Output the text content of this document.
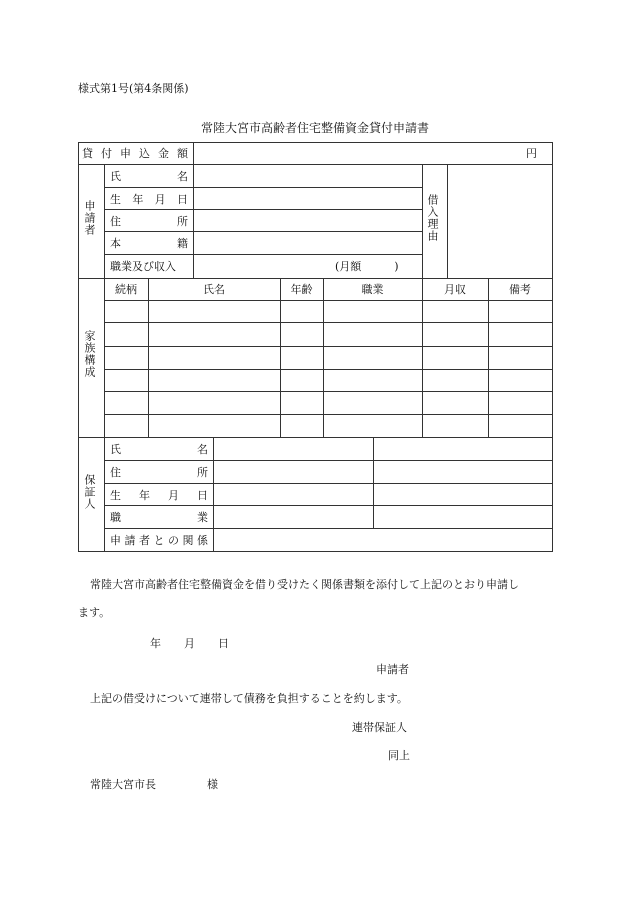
様式第1号(第4条関係)
常陸大宮市高齢者住宅整備資金貸付申請書
貸 付 申 込 金 額	円
申請者
氏	名
生 年 月 日
住	所
本	籍
職業及び収入	(月額　　　)
借入理由
家族構成
続柄	氏名	年齢	職業	月収	備考
保証人
氏	名
住	所
生 年 月 日
職	業
申 請 者 と の 関 係
常陸大宮市高齢者住宅整備資金を借り受けたく関係書類を添付して上記のとおり申請し
ます。
年 月 日
申請者
上記の借受けについて連帯して債務を負担することを約します。
連帯保証人
同上
常陸大宮市長	様
